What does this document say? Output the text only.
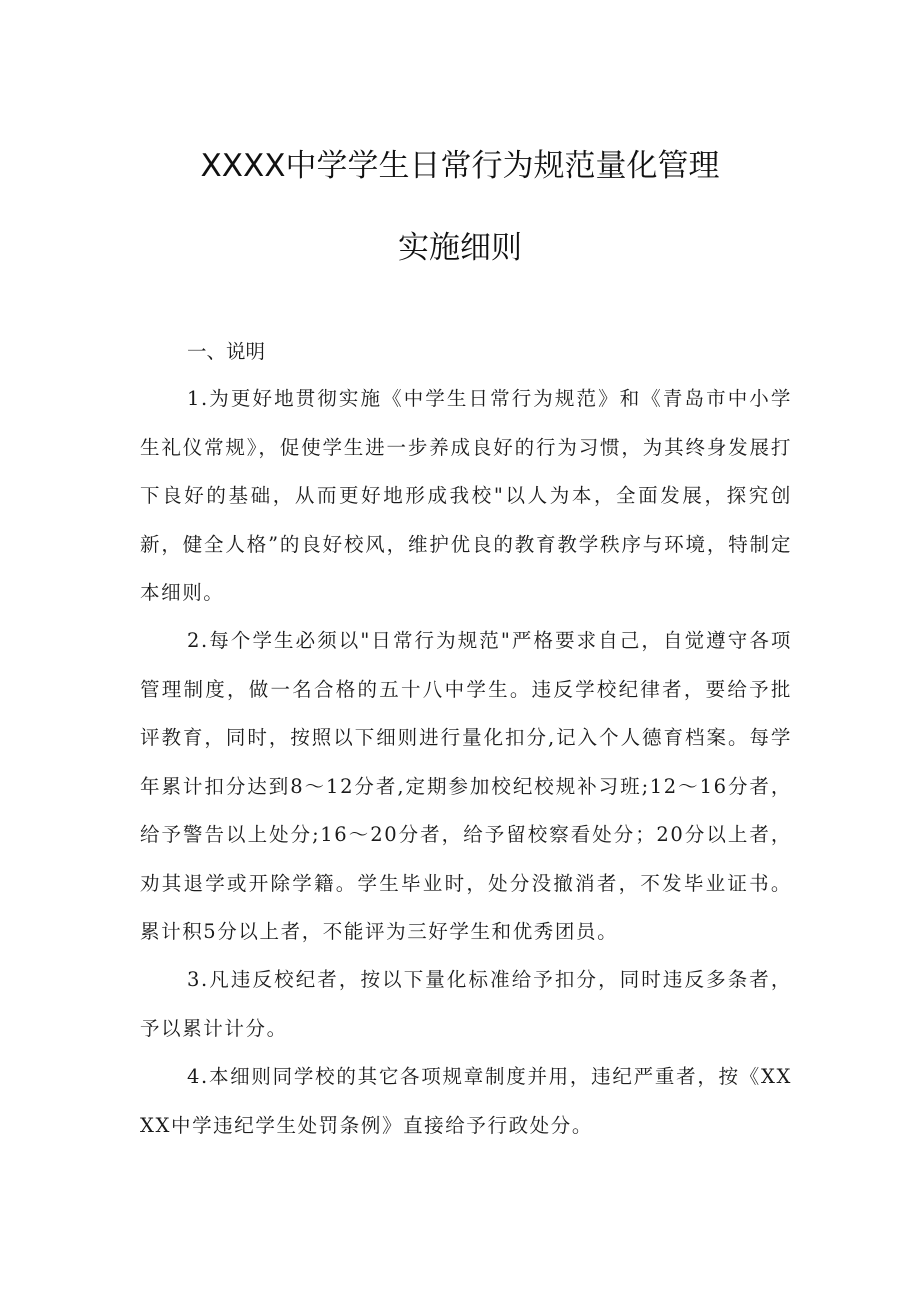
XXXX中学学生日常行为规范量化管理
实施细则
一、说明
1.为更好地贯彻实施《中学生日常行为规范》和《青岛市中小学生礼仪常规》，促使学生进一步养成良好的行为习惯，为其终身发展打下良好的基础，从而更好地形成我校"以人为本，全面发展，探究创新，健全人格”的良好校风，维护优良的教育教学秩序与环境，特制定本细则。
2.每个学生必须以"日常行为规范"严格要求自己，自觉遵守各项管理制度，做一名合格的五十八中学生。违反学校纪律者，要给予批评教育，同时，按照以下细则进行量化扣分,记入个人德育档案。每学年累计扣分达到8～12分者,定期参加校纪校规补习班;12～16分者，给予警告以上处分;16～20分者，给予留校察看处分；20分以上者，劝其退学或开除学籍。学生毕业时，处分没撤消者，不发毕业证书。累计积5分以上者，不能评为三好学生和优秀团员。
3.凡违反校纪者，按以下量化标准给予扣分，同时违反多条者，予以累计计分。
4.本细则同学校的其它各项规章制度并用，违纪严重者，按《XXXX中学违纪学生处罚条例》直接给予行政处分。
